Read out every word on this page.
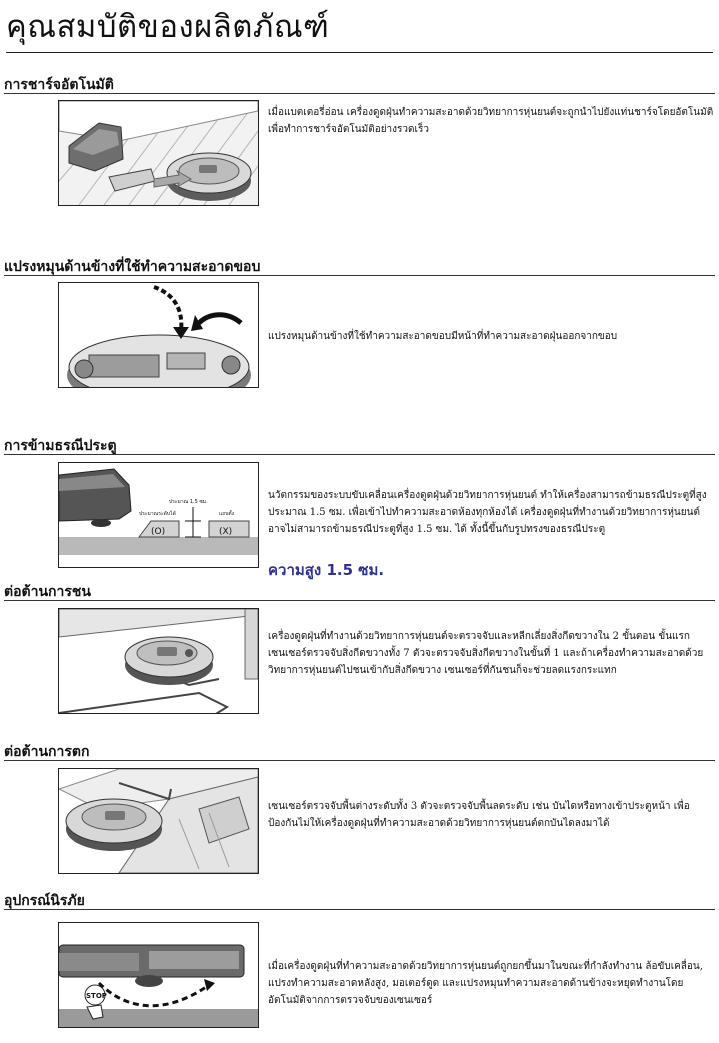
คุณสมบัติของผลิตภัณฑ์
การชาร์จอัตโนมัติ
เมื่อแบตเตอรี่อ่อน เครื่องดูดฝุ่นทำความสะอาดด้วยวิทยาการหุ่นยนต์จะถูกนำไปยังแท่นชาร์จโดยอัตโนมัติ เพื่อทำการชาร์จอัตโนมัติอย่างรวดเร็ว
แปรงหมุนด้านข้างที่ใช้ทำความสะอาดขอบ
แปรงหมุนด้านข้างที่ใช้ทำความสะอาดขอบมีหน้าที่ทำความสะอาดฝุ่นออกจากขอบ
การข้ามธรณีประตู
ประมาณ 1.5 ซม.
ประมาณระดับได้	แถบตั้ง
(O)	(X)
นวัตกรรมของระบบขับเคลื่อนเครื่องดูดฝุ่นด้วยวิทยาการหุ่นยนต์ ทำให้เครื่องสามารถข้ามธรณีประตูที่สูงประมาณ 1.5 ซม. เพื่อเข้าไปทำความสะอาดห้องทุกห้องได้ เครื่องดูดฝุ่นที่ทำงานด้วยวิทยาการหุ่นยนต์อาจไม่สามารถข้ามธรณีประตูที่สูง 1.5 ซม. ได้ ทั้งนี้ขึ้นกับรูปทรงของธรณีประตู
ความสูง 1.5 ซม.
ต่อต้านการชน
เครื่องดูดฝุ่นที่ทำงานด้วยวิทยาการหุ่นยนต์จะตรวจจับและหลีกเลี่ยงสิ่งกีดขวางใน 2 ขั้นตอน ขั้นแรก เซนเซอร์ตรวจจับสิ่งกีดขวางทั้ง 7 ตัวจะตรวจจับสิ่งกีดขวางในขั้นที่ 1 และถ้าเครื่องทำความสะอาดด้วยวิทยาการหุ่นยนต์ไปชนเข้ากับสิ่งกีดขวาง เซนเซอร์ที่กันชนก็จะช่วยลดแรงกระแทก
ต่อต้านการตก
เซนเซอร์ตรวจจับพื้นต่างระดับทั้ง 3 ตัวจะตรวจจับพื้นลดระดับ เช่น บันไดหรือทางเข้าประตูหน้า เพื่อป้องกันไม่ให้เครื่องดูดฝุ่นที่ทำความสะอาดด้วยวิทยาการหุ่นยนต์ตกบันไดลงมาได้
อุปกรณ์นิรภัย
STOP
เมื่อเครื่องดูดฝุ่นที่ทำความสะอาดด้วยวิทยาการหุ่นยนต์ถูกยกขึ้นมาในขณะที่กำลังทำงาน ล้อขับเคลื่อน, แปรงทำความสะอาดหลังสูง, มอเตอร์ดูด และแปรงหมุนทำความสะอาดด้านข้างจะหยุดทำงานโดยอัตโนมัติจากการตรวจจับของเซนเซอร์
